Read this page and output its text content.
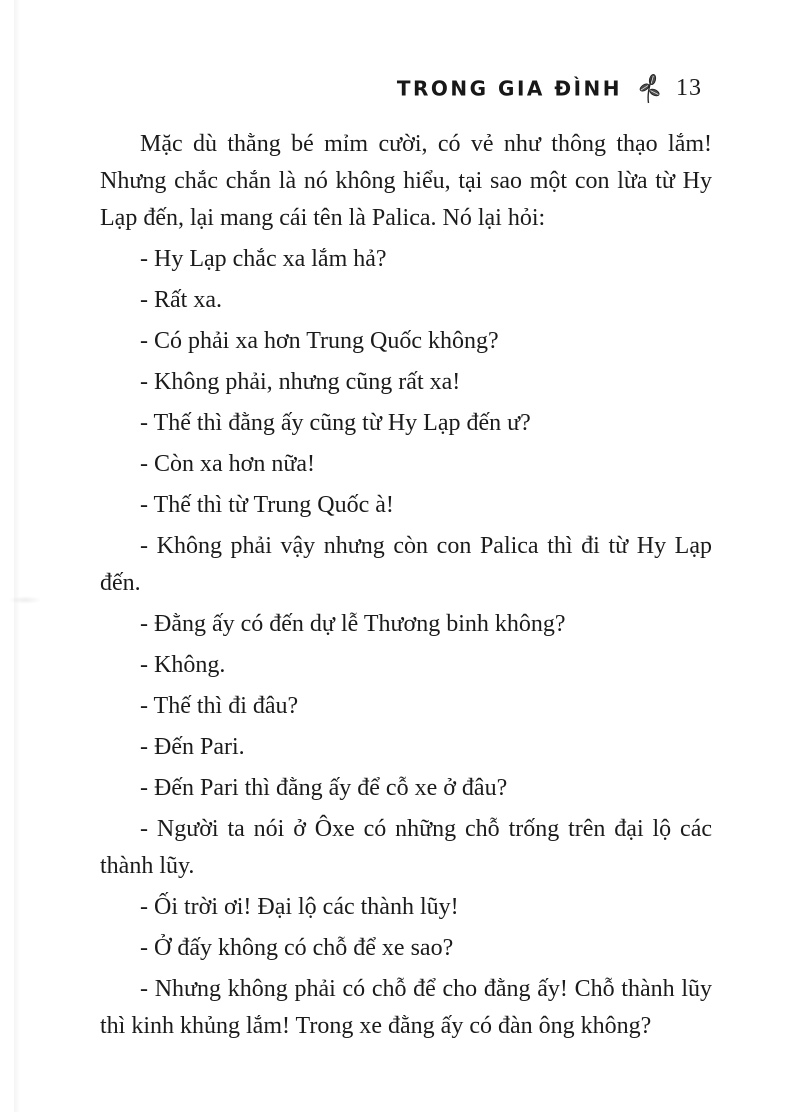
TRONG GIA ĐÌNH 13

Mặc dù thằng bé mỉm cười, có vẻ như thông thạo lắm! Nhưng chắc chắn là nó không hiểu, tại sao một con lừa từ Hy Lạp đến, lại mang cái tên là Palica. Nó lại hỏi:

- Hy Lạp chắc xa lắm hả?

- Rất xa.

- Có phải xa hơn Trung Quốc không?

- Không phải, nhưng cũng rất xa!

- Thế thì đằng ấy cũng từ Hy Lạp đến ư?

- Còn xa hơn nữa!

- Thế thì từ Trung Quốc à!

- Không phải vậy nhưng còn con Palica thì đi từ Hy Lạp đến.

- Đằng ấy có đến dự lễ Thương binh không?

- Không.

- Thế thì đi đâu?

- Đến Pari.

- Đến Pari thì đằng ấy để cỗ xe ở đâu?

- Người ta nói ở Ôxe có những chỗ trống trên đại lộ các thành lũy.

- Ối trời ơi! Đại lộ các thành lũy!

- Ở đấy không có chỗ để xe sao?

- Nhưng không phải có chỗ để cho đằng ấy! Chỗ thành lũy thì kinh khủng lắm! Trong xe đằng ấy có đàn ông không?
